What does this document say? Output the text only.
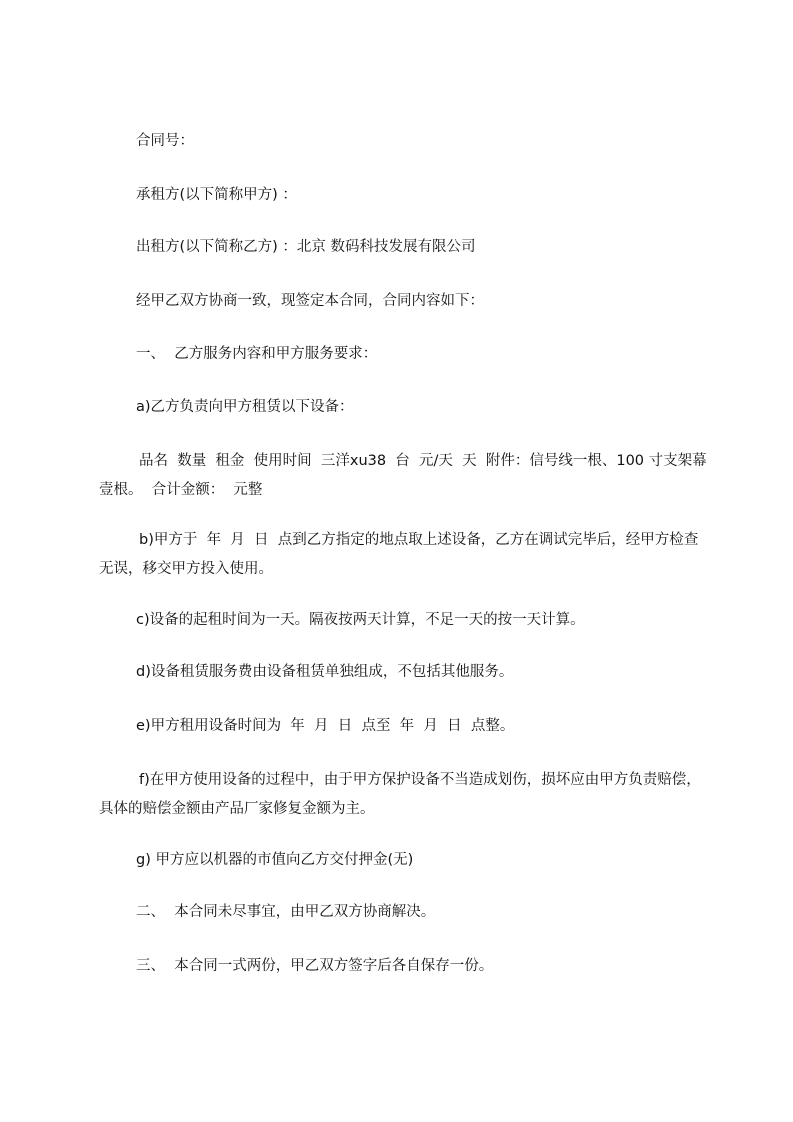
合同号：

承租方(以下简称甲方) ：

出租方(以下简称乙方) ：北京 数码科技发展有限公司

经甲乙双方协商一致，现签定本合同，合同内容如下：

一、  乙方服务内容和甲方服务要求：

a)乙方负责向甲方租赁以下设备：

品名  数量  租金  使用时间  三洋xu38  台  元/天  天  附件：信号线一根、100 寸支架幕壹根。  合计金额：  元整

b)甲方于  年  月  日  点到乙方指定的地点取上述设备，乙方在调试完毕后，经甲方检查无误，移交甲方投入使用。

c)设备的起租时间为一天。隔夜按两天计算，不足一天的按一天计算。

d)设备租赁服务费由设备租赁单独组成，不包括其他服务。

e)甲方租用设备时间为  年  月  日  点至  年  月  日  点整。

f)在甲方使用设备的过程中，由于甲方保护设备不当造成划伤，损坏应由甲方负责赔偿，具体的赔偿金额由产品厂家修复金额为主。

g) 甲方应以机器的市值向乙方交付押金(无)

二、  本合同未尽事宜，由甲乙双方协商解决。

三、  本合同一式两份，甲乙双方签字后各自保存一份。
